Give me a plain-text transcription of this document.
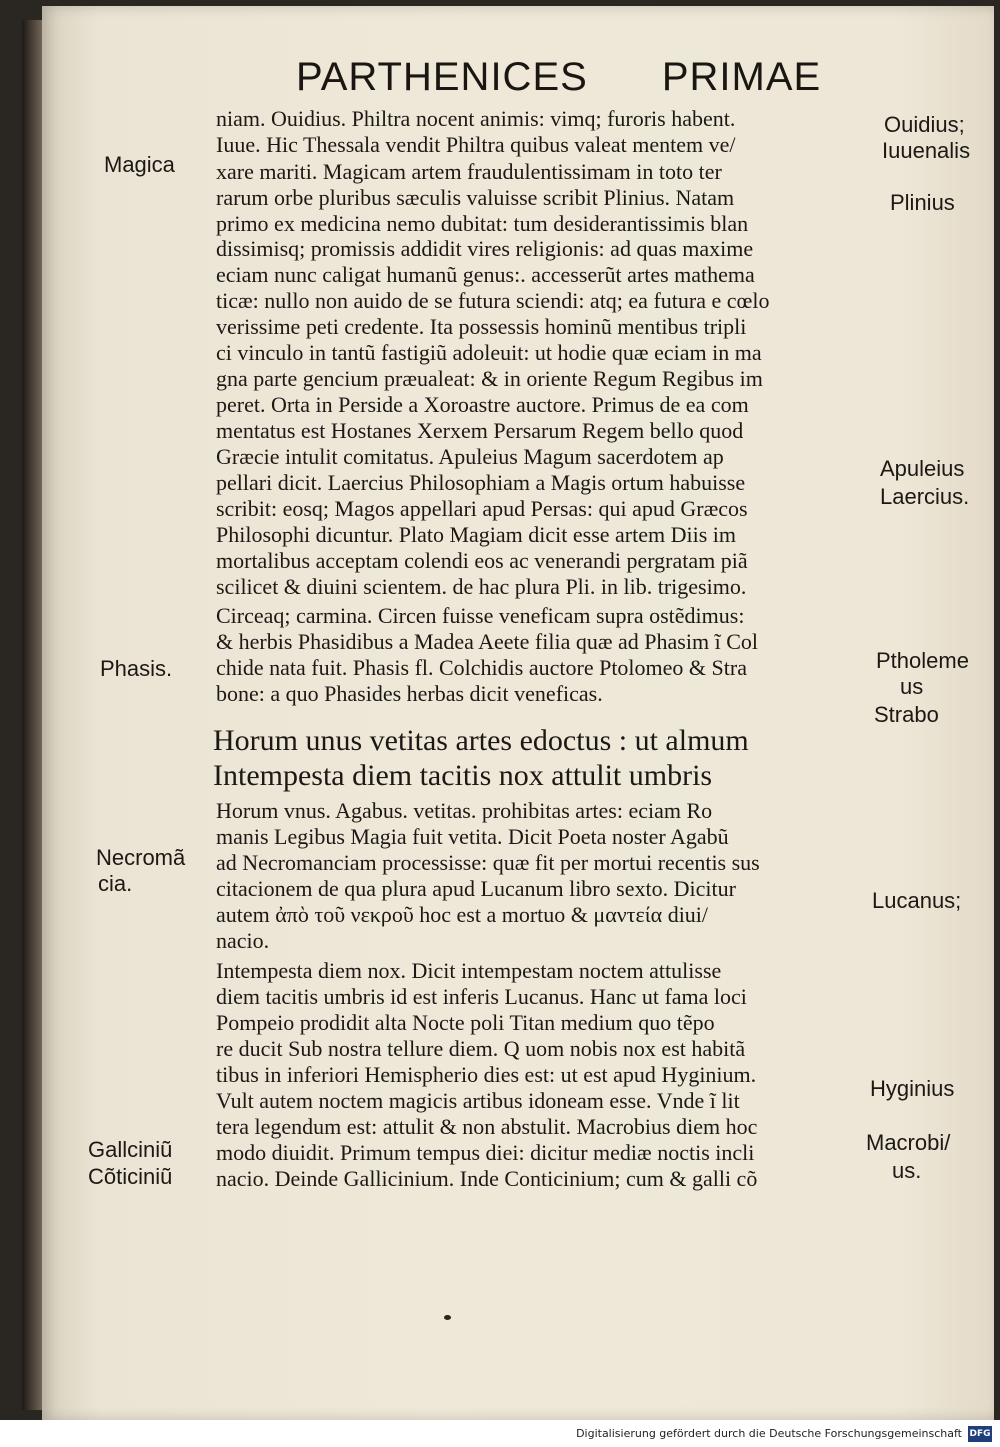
PARTHENICES PRIMAE
niam. Ouidius. Philtra nocent animis: vimq; furoris habent.
Iuue. Hic Thessala vendit Philtra quibus valeat mentem ve/
xare mariti. Magicam artem fraudulentissimam in toto ter
rarum orbe pluribus sæculis valuisse scribit Plinius. Natam
primo ex medicina nemo dubitat: tum desiderantissimis blan
dissimisq; promissis addidit vires religionis: ad quas maxime
eciam nunc caligat humanũ genus:. accesserũt artes mathema
ticæ: nullo non auido de se futura sciendi: atq; ea futura e cœlo
verissime peti credente. Ita possessis hominũ mentibus tripli
ci vinculo in tantũ fastigiũ adoleuit: ut hodie quæ eciam in ma
gna parte gencium præualeat: & in oriente Regum Regibus im
peret. Orta in Perside a Xoroastre auctore. Primus de ea com
mentatus est Hostanes Xerxem Persarum Regem bello quod
Græcie intulit comitatus. Apuleius Magum sacerdotem ap
pellari dicit. Laercius Philosophiam a Magis ortum habuisse
scribit: eosq; Magos appellari apud Persas: qui apud Græcos
Philosophi dicuntur. Plato Magiam dicit esse artem Diis im
mortalibus acceptam colendi eos ac venerandi pergratam piã
scilicet & diuini scientem. de hac plura Pli. in lib. trigesimo.
Circeaq; carmina. Circen fuisse veneficam supra ostẽdimus:
& herbis Phasidibus a Madea Aeete filia quæ ad Phasim ĩ Col
chide nata fuit. Phasis fl. Colchidis auctore Ptolomeo & Stra
bone: a quo Phasides herbas dicit veneficas.
Horum unus vetitas artes edoctus : ut almum
Intempesta diem tacitis nox attulit umbris
Horum vnus. Agabus. vetitas. prohibitas artes: eciam Ro
manis Legibus Magia fuit vetita. Dicit Poeta noster Agabũ
ad Necromanciam processisse: quæ fit per mortui recentis sus
citacionem de qua plura apud Lucanum libro sexto. Dicitur
autem ἀπὸ τοῦ νεκροῦ hoc est a mortuo & μαντεία diui/
nacio.
Intempesta diem nox. Dicit intempestam noctem attulisse
diem tacitis umbris id est inferis Lucanus. Hanc ut fama loci
Pompeio prodidit alta Nocte poli Titan medium quo tẽpo
re ducit Sub nostra tellure diem. Q uom nobis nox est habitã
tibus in inferiori Hemispherio dies est: ut est apud Hyginium.
Vult autem noctem magicis artibus idoneam esse. Vnde ĩ lit
tera legendum est: attulit & non abstulit. Macrobius diem hoc
modo diuidit. Primum tempus diei: dicitur mediæ noctis incli
nacio. Deinde Gallicinium. Inde Conticinium; cum & galli cõ
Magica
Phasis.
Necromã
cia.
Gallciniũ
Cõticiniũ
Ouidius;
Iuuenalis
Plinius
Apuleius
Laercius.
Ptholeme
us
Strabo
Lucanus;
Hyginius
Macrobi/
us.
Digitalisierung gefördert durch die Deutsche Forschungsgemeinschaft DFG
